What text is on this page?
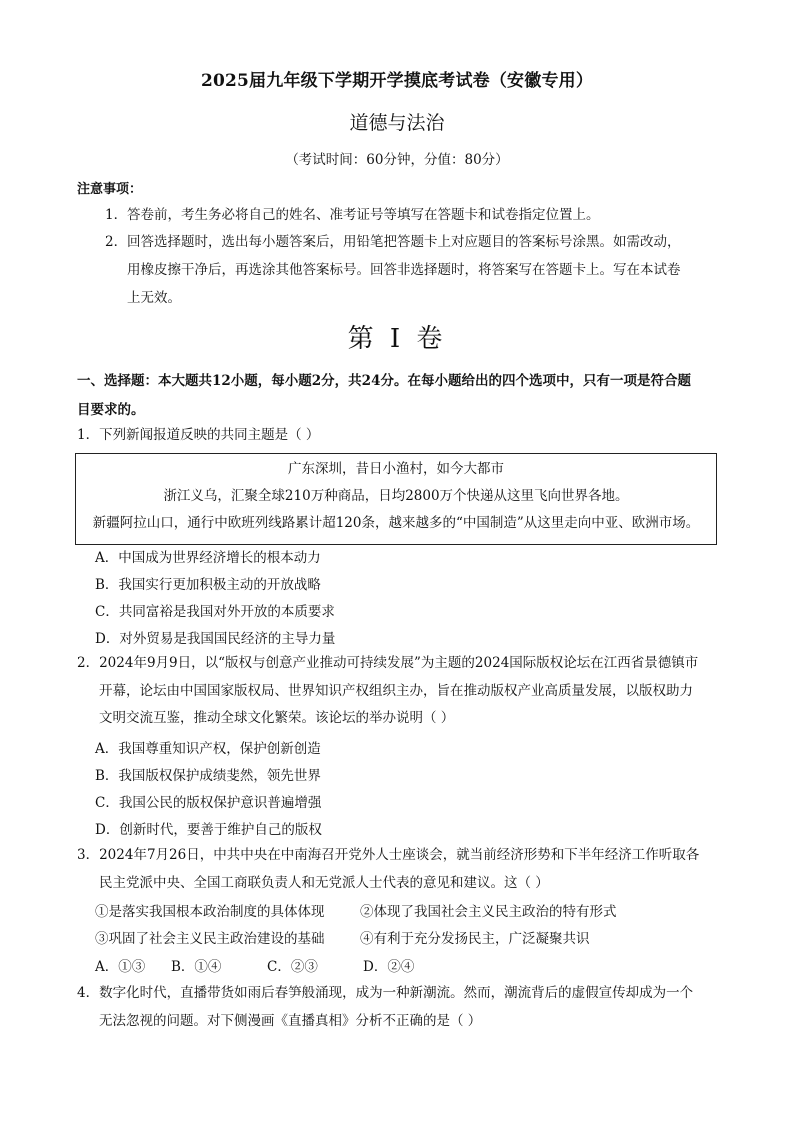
2025届九年级下学期开学摸底考试卷（安徽专用）
道德与法治
（考试时间：60分钟，分值：80分）
注意事项：
1．答卷前，考生务必将自己的姓名、准考证号等填写在答题卡和试卷指定位置上。
2．回答选择题时，选出每小题答案后，用铅笔把答题卡上对应题目的答案标号涂黑。如需改动，
用橡皮擦干净后，再选涂其他答案标号。回答非选择题时，将答案写在答题卡上。写在本试卷
上无效。
第 I 卷
一、选择题：本大题共12小题，每小题2分，共24分。在每小题给出的四个选项中，只有一项是符合题
目要求的。
1．下列新闻报道反映的共同主题是（ ）
广东深圳，昔日小渔村，如今大都市
浙江义乌，汇聚全球210万种商品，日均2800万个快递从这里飞向世界各地。
新疆阿拉山口，通行中欧班列线路累计超120条，越来越多的“中国制造”从这里走向中亚、欧洲市场。
A．中国成为世界经济增长的根本动力
B．我国实行更加积极主动的开放战略
C．共同富裕是我国对外开放的本质要求
D．对外贸易是我国国民经济的主导力量
2．2024年9月9日，以“版权与创意产业推动可持续发展”为主题的2024国际版权论坛在江西省景德镇市
开幕，论坛由中国国家版权局、世界知识产权组织主办，旨在推动版权产业高质量发展，以版权助力
文明交流互鉴，推动全球文化繁荣。该论坛的举办说明（ ）
A．我国尊重知识产权，保护创新创造
B．我国版权保护成绩斐然，领先世界
C．我国公民的版权保护意识普遍增强
D．创新时代，要善于维护自己的版权
3．2024年7月26日，中共中央在中南海召开党外人士座谈会，就当前经济形势和下半年经济工作听取各
民主党派中央、全国工商联负责人和无党派人士代表的意见和建议。这（ ）
①是落实我国根本政治制度的具体体现	②体现了我国社会主义民主政治的特有形式
③巩固了社会主义民主政治建设的基础	④有利于充分发扬民主，广泛凝聚共识
A．①③ B．①④	C．②③	D．②④
4．数字化时代，直播带货如雨后春笋般涌现，成为一种新潮流。然而，潮流背后的虚假宣传却成为一个
无法忽视的问题。对下侧漫画《直播真相》分析不正确的是（ ）
